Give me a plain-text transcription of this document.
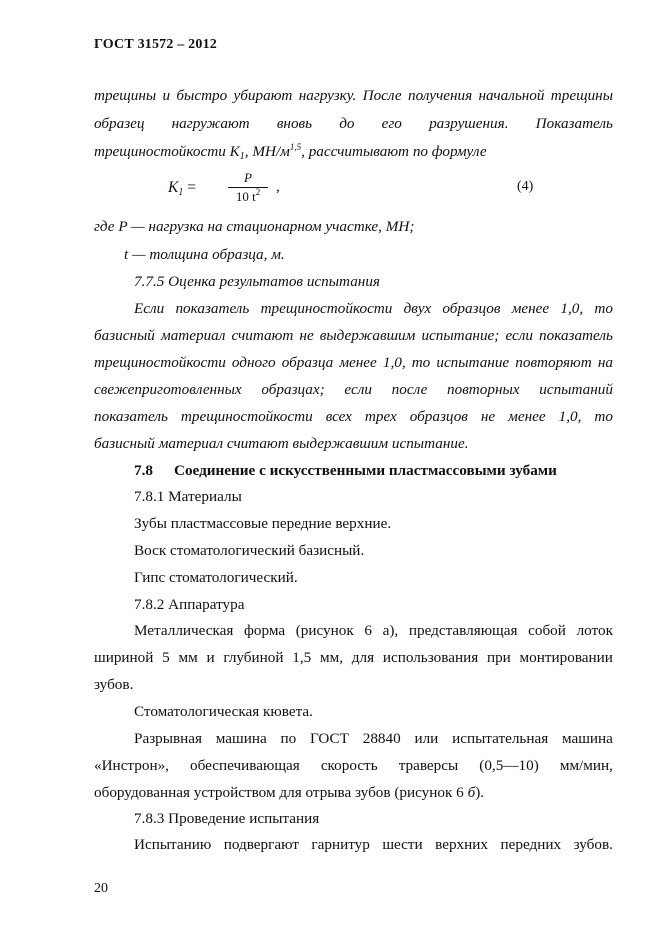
ГОСТ 31572 – 2012
трещины и быстро убирают нагрузку. После получения начальной трещины
образец нагружают вновь до его разрушения. Показатель
трещиностойкости $K_1$, $МН/м^{1,5}$, рассчитывают по формуле
$K_1$ =
P
10 $t^2$	,	(4)
где P — нагрузка на стационарном участке, МН;
t — толщина образца, м.
7.7.5 Оценка результатов испытания
Если показатель трещиностойкости двух образцов менее 1,0, то
базисный материал считают не выдержавшим испытание; если показатель
трещиностойкости одного образца менее 1,0, то испытание повторяют на
свежеприготовленных образцах; если после повторных испытаний
показатель трещиностойкости всех трех образцов не менее 1,0, то
базисный материал считают выдержавшим испытание.
7.8 Соединение с искусственными пластмассовыми зубами
7.8.1 Материалы
Зубы пластмассовые передние верхние.
Воск стоматологический базисный.
Гипс стоматологический.
7.8.2 Аппаратура
Металлическая форма (рисунок 6 а), представляющая собой лоток
шириной 5 мм и глубиной 1,5 мм, для использования при монтировании
зубов.
Стоматологическая кювета.
Разрывная машина по ГОСТ 28840 или испытательная машина
«Инстрон», обеспечивающая скорость траверсы (0,5—10) мм/мин,
оборудованная устройством для отрыва зубов (рисунок 6 б).
7.8.3 Проведение испытания
Испытанию подвергают гарнитур шести верхних передних зубов.
20
